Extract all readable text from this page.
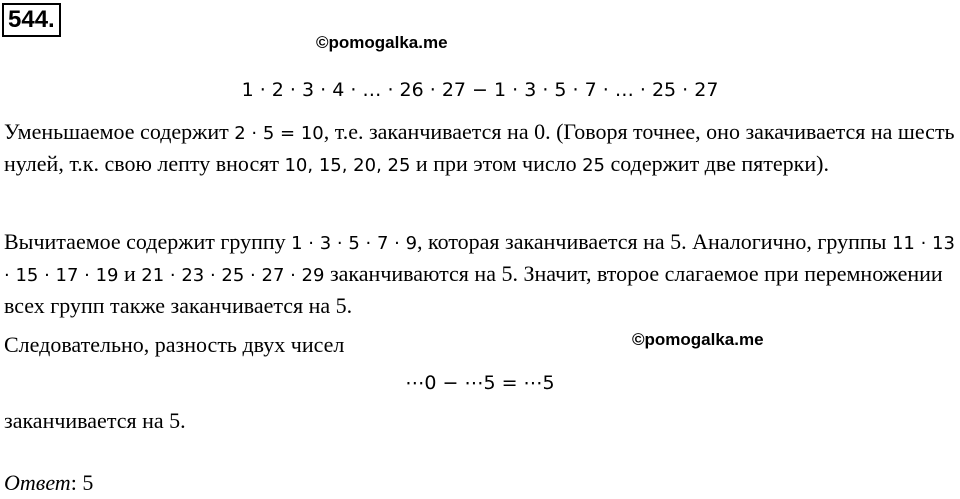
544.
©pomogalka.me
1 · 2 · 3 · 4 · … · 26 · 27 − 1 · 3 · 5 · 7 · … · 25 · 27

Уменьшаемое содержит 2 · 5 = 10, т.е. заканчивается на 0. (Говоря точнее, оно закачивается на шесть нулей, т.к. свою лепту вносят 10, 15, 20, 25 и при этом число 25 содержит две пятерки).

Вычитаемое содержит группу 1 · 3 · 5 · 7 · 9, которая заканчивается на 5. Аналогично, группы 11 · 13 · 15 · 17 · 19 и 21 · 23 · 25 · 27 · 29 заканчиваются на 5. Значит, второе слагаемое при перемножении всех групп также заканчивается на 5.

Следовательно, разность двух чисел	©pomogalka.me
⋯0 − ⋯5 = ⋯5

заканчивается на 5.

Ответ: 5
